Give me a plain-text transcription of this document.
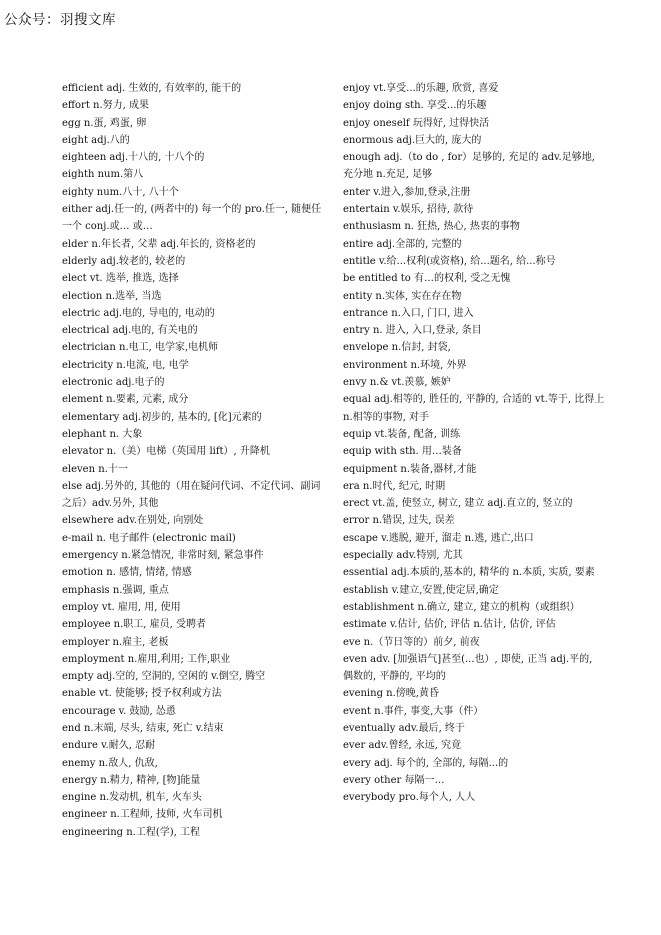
公众号：羽搜文库

efficient adj. 生效的, 有效率的, 能干的

effort n.努力, 成果

egg n.蛋, 鸡蛋, 卵

eight adj.八的

eighteen adj.十八的, 十八个的

eighth num.第八

eighty num.八十, 八十个

either adj.任一的, (两者中的) 每一个的 pro.任一, 随便任一个 conj.或… 或…

elder n.年长者, 父辈 adj.年长的, 资格老的

elderly adj.较老的, 较老的

elect vt. 选举, 推选, 选择

election n.选举, 当选

electric adj.电的, 导电的, 电动的

electrical adj.电的, 有关电的

electrician n.电工, 电学家,电机师

electricity n.电流, 电, 电学

electronic adj.电子的

element n.要素, 元素, 成分

elementary adj.初步的, 基本的, [化]元素的

elephant n. 大象

elevator n.（美）电梯（英国用 lift）, 升降机

eleven n.十一

else adj.另外的, 其他的（用在疑问代词、不定代词、副词之后）adv.另外, 其他

elsewhere adv.在别处, 向别处

e-mail n. 电子邮件 (electronic mail)

emergency n.紧急情况, 非常时刻, 紧急事件

emotion n. 感情, 情绪, 情感

emphasis n.强调, 重点

employ vt. 雇用, 用, 使用

employee n.职工, 雇员, 受聘者

employer n.雇主, 老板

employment n.雇用,利用; 工作,职业

empty adj.空的, 空洞的, 空闲的 v.倒空, 腾空

enable vt. 使能够; 授予权利或方法

encourage v. 鼓励, 怂恿

end n.末端, 尽头, 结束, 死亡 v.结束

endure v.耐久, 忍耐

enemy n.敌人, 仇敌,

energy n.精力, 精神, [物]能量

engine n.发动机, 机车, 火车头

engineer n.工程师, 技师, 火车司机

engineering n.工程(学), 工程

enjoy vt.享受...的乐趣, 欣赏, 喜爱

enjoy doing sth. 享受...的乐趣

enjoy oneself 玩得好, 过得快活

enormous adj.巨大的, 庞大的

enough adj.（to do , for）足够的, 充足的 adv.足够地, 充分地 n.充足, 足够

enter v.进入,参加,登录,注册

entertain v.娱乐, 招待, 款待

enthusiasm n. 狂热, 热心, 热衷的事物

entire adj.全部的, 完整的

entitle v.给...权利(或资格), 给...题名, 给...称号

be entitled to 有…的权利, 受之无愧

entity n.实体, 实在存在物

entrance n.入口, 门口, 进入

entry n. 进入, 入口,登录, 条目

envelope n.信封, 封袋,

environment n.环境, 外界

envy n.& vt.羡慕, 嫉妒

equal adj.相等的, 胜任的, 平静的, 合适的 vt.等于, 比得上 n.相等的事物, 对手

equip vt.装备, 配备, 训练

equip with sth. 用…装备

equipment n.装备,器材,才能

era n.时代, 纪元, 时期

erect vt.盖, 使竖立, 树立, 建立 adj.直立的, 竖立的

error n.错误, 过失, 误差

escape v.逃脱, 避开, 溜走 n.逃, 逃亡,出口

especially adv.特别, 尤其

essential adj.本质的,基本的, 精华的 n.本质, 实质, 要素

establish v.建立,安置,使定居,确定

establishment n.确立, 建立, 建立的机构（或组织）

estimate v.估计, 估价, 评估 n.估计, 估价, 评估

eve n.（节日等的）前夕, 前夜

even adv. [加强语气]甚至(...也）, 即使, 正当 adj.平的, 偶数的, 平静的, 平均的

evening n.傍晚,黄昏

event n.事件, 事变,大事（件）

eventually adv.最后, 终于

ever adv.曾经, 永远, 究竟

every adj. 每个的, 全部的, 每隔...的

every other 每隔一…

everybody pro.每个人, 人人
